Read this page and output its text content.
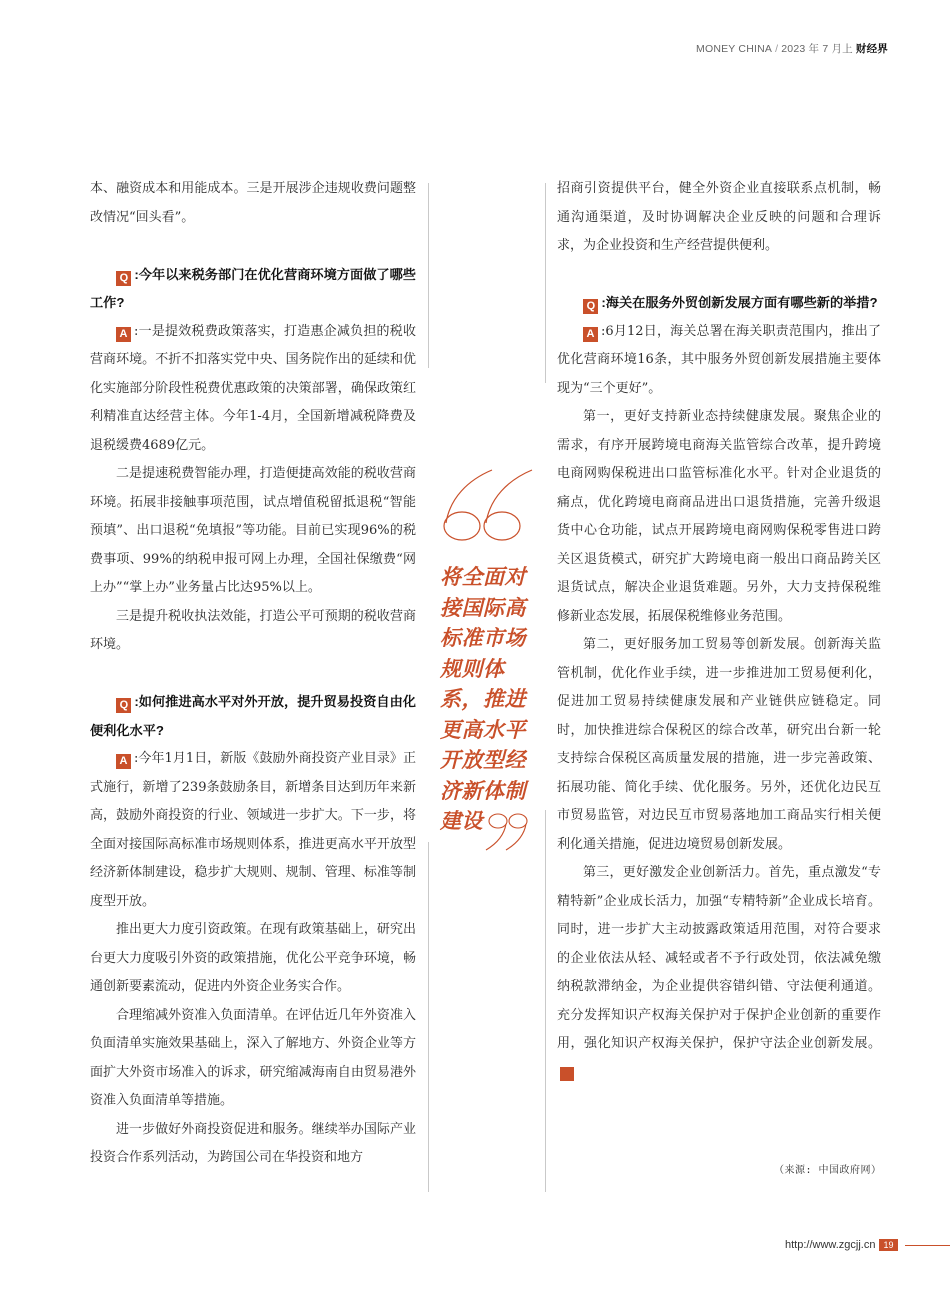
MONEY CHINA / 2023 年 7 月上 财经界

本、融资成本和用能成本。三是开展涉企违规收费问题整改情况“回头看”。

Q :今年以来税务部门在优化营商环境方面做了哪些工作?

A :一是提效税费政策落实，打造惠企减负担的税收营商环境。不折不扣落实党中央、国务院作出的延续和优化实施部分阶段性税费优惠政策的决策部署，确保政策红利精准直达经营主体。今年1-4月，全国新增减税降费及退税缓费4689亿元。

二是提速税费智能办理，打造便捷高效能的税收营商环境。拓展非接触事项范围，试点增值税留抵退税“智能预填”、出口退税“免填报”等功能。目前已实现96%的税费事项、99%的纳税申报可网上办理，全国社保缴费“网上办”“掌上办”业务量占比达95%以上。

三是提升税收执法效能，打造公平可预期的税收营商环境。

Q :如何推进高水平对外开放，提升贸易投资自由化便利化水平?

A :今年1月1日，新版《鼓励外商投资产业目录》正式施行，新增了239条鼓励条目，新增条目达到历年来新高，鼓励外商投资的行业、领域进一步扩大。下一步，将全面对接国际高标准市场规则体系，推进更高水平开放型经济新体制建设，稳步扩大规则、规制、管理、标准等制度型开放。

推出更大力度引资政策。在现有政策基础上，研究出台更大力度吸引外资的政策措施，优化公平竞争环境，畅通创新要素流动，促进内外资企业务实合作。

合理缩减外资准入负面清单。在评估近几年外资准入负面清单实施效果基础上，深入了解地方、外资企业等方面扩大外资市场准入的诉求，研究缩减海南自由贸易港外资准入负面清单等措施。

进一步做好外商投资促进和服务。继续举办国际产业投资合作系列活动，为跨国公司在华投资和地方

将全面对接国际高标准市场规则体系，推进更高水平开放型经济新体制建设

招商引资提供平台，健全外资企业直接联系点机制，畅通沟通渠道，及时协调解决企业反映的问题和合理诉求，为企业投资和生产经营提供便利。

Q :海关在服务外贸创新发展方面有哪些新的举措?

A :6月12日，海关总署在海关职责范围内，推出了优化营商环境16条，其中服务外贸创新发展措施主要体现为“三个更好”。

第一，更好支持新业态持续健康发展。聚焦企业的需求，有序开展跨境电商海关监管综合改革，提升跨境电商网购保税进出口监管标准化水平。针对企业退货的痛点，优化跨境电商商品进出口退货措施，完善升级退货中心仓功能，试点开展跨境电商网购保税零售进口跨关区退货模式，研究扩大跨境电商一般出口商品跨关区退货试点，解决企业退货难题。另外，大力支持保税维修新业态发展，拓展保税维修业务范围。

第二，更好服务加工贸易等创新发展。创新海关监管机制，优化作业手续，进一步推进加工贸易便利化，促进加工贸易持续健康发展和产业链供应链稳定。同时，加快推进综合保税区的综合改革，研究出台新一轮支持综合保税区高质量发展的措施，进一步完善政策、拓展功能、简化手续、优化服务。另外，还优化边民互市贸易监管，对边民互市贸易落地加工商品实行相关便利化通关措施，促进边境贸易创新发展。

第三，更好激发企业创新活力。首先，重点激发“专精特新”企业成长活力，加强“专精特新”企业成长培育。同时，进一步扩大主动披露政策适用范围，对符合要求的企业依法从轻、减轻或者不予行政处罚，依法减免缴纳税款滞纳金，为企业提供容错纠错、守法便利通道。充分发挥知识产权海关保护对于保护企业创新的重要作用，强化知识产权海关保护，保护守法企业创新发展。M

（来源: 中国政府网）
http://www.zgcjj.cn 19
